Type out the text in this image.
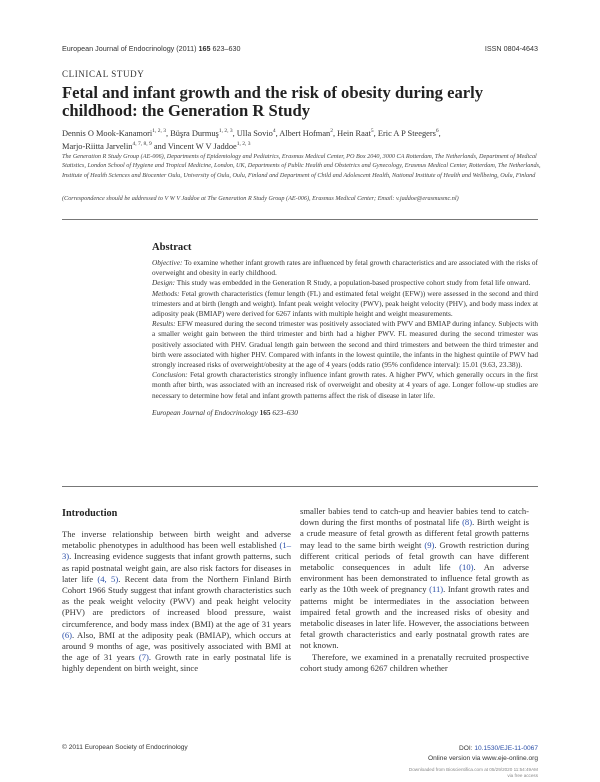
European Journal of Endocrinology (2011) 165 623–630	ISSN 0804-4643
CLINICAL STUDY
Fetal and infant growth and the risk of obesity during early childhood: the Generation R Study

Dennis O Mook-Kanamori$^{1, 2, 3}$, Büşra Durmuş$^{1, 2, 3}$, Ulla Sovio$^4$, Albert Hofman$^2$, Hein Raat$^5$, Eric A P Steegers$^6$,
Marjo-Riitta Jarvelin$^{4, 7, 8, 9}$ and Vincent W V Jaddoe$^{1, 2, 3}$

The Generation R Study Group (AE-006), Departments of Epidemiology and Pediatrics, Erasmus Medical Center, PO Box 2040, 3000 CA Rotterdam, The Netherlands, Department of Medical Statistics, London School of Hygiene and Tropical Medicine, London, UK, Departments of Public Health and Obstetrics and Gynecology, Erasmus Medical Center, Rotterdam, The Netherlands, Institute of Health Sciences and Biocenter Oulu, University of Oulu, Oulu, Finland and Department of Child and Adolescent Health, National Institute of Health and Wellbeing, Oulu, Finland

(Correspondence should be addressed to V W V Jaddoe at The Generation R Study Group (AE-006), Erasmus Medical Center; Email: v.jaddoe@erasmusmc.nl)

Abstract

Objective: To examine whether infant growth rates are influenced by fetal growth characteristics and are associated with the risks of overweight and obesity in early childhood.

Design: This study was embedded in the Generation R Study, a population-based prospective cohort study from fetal life onward.

Methods: Fetal growth characteristics (femur length (FL) and estimated fetal weight (EFW)) were assessed in the second and third trimesters and at birth (length and weight). Infant peak weight velocity (PWV), peak height velocity (PHV), and body mass index at adiposity peak (BMIAP) were derived for 6267 infants with multiple height and weight measurements.

Results: EFW measured during the second trimester was positively associated with PWV and BMIAP during infancy. Subjects with a smaller weight gain between the third trimester and birth had a higher PWV. FL measured during the second trimester was positively associated with PHV. Gradual length gain between the second and third trimesters and between the third trimester and birth were associated with higher PHV. Compared with infants in the lowest quintile, the infants in the highest quintile of PWV had strongly increased risks of overweight/obesity at the age of 4 years (odds ratio (95% confidence interval): 15.01 (9.63, 23.38)).

Conclusion: Fetal growth characteristics strongly influence infant growth rates. A higher PWV, which generally occurs in the first month after birth, was associated with an increased risk of overweight and obesity at 4 years of age. Longer follow-up studies are necessary to determine how fetal and infant growth patterns affect the risk of disease in later life.

European Journal of Endocrinology 165 623–630

Introduction

The inverse relationship between birth weight and adverse metabolic phenotypes in adulthood has been well established (1–3). Increasing evidence suggests that infant growth patterns, such as rapid postnatal weight gain, are also risk factors for diseases in later life (4, 5). Recent data from the Northern Finland Birth Cohort 1966 Study suggest that infant growth characteristics such as the peak weight velocity (PWV) and peak height velocity (PHV) are predictors of increased blood pressure, waist circumference, and body mass index (BMI) at the age of 31 years (6). Also, BMI at the adiposity peak (BMIAP), which occurs at around 9 months of age, was positively associated with BMI at the age of 31 years (7). Growth rate in early postnatal life is highly dependent on birth weight, since

smaller babies tend to catch-up and heavier babies tend to catch-down during the first months of postnatal life (8). Birth weight is a crude measure of fetal growth as different fetal growth patterns may lead to the same birth weight (9). Growth restriction during different critical periods of fetal growth can have different metabolic consequences in adult life (10). An adverse environment has been demonstrated to influence fetal growth as early as the 10th week of pregnancy (11). Infant growth rates and patterns might be intermediates in the association between impaired fetal growth and the increased risks of obesity and metabolic diseases in later life. However, the associations between fetal growth characteristics and early postnatal growth rates are not known.

Therefore, we examined in a prenatally recruited prospective cohort study among 6267 children whether

© 2011 European Society of Endocrinology	DOI: 10.1530/EJE-11-0067
Online version via www.eje-online.org
Downloaded from Bioscientifica.com at 05/29/2020 11:54:49AM
via free access
